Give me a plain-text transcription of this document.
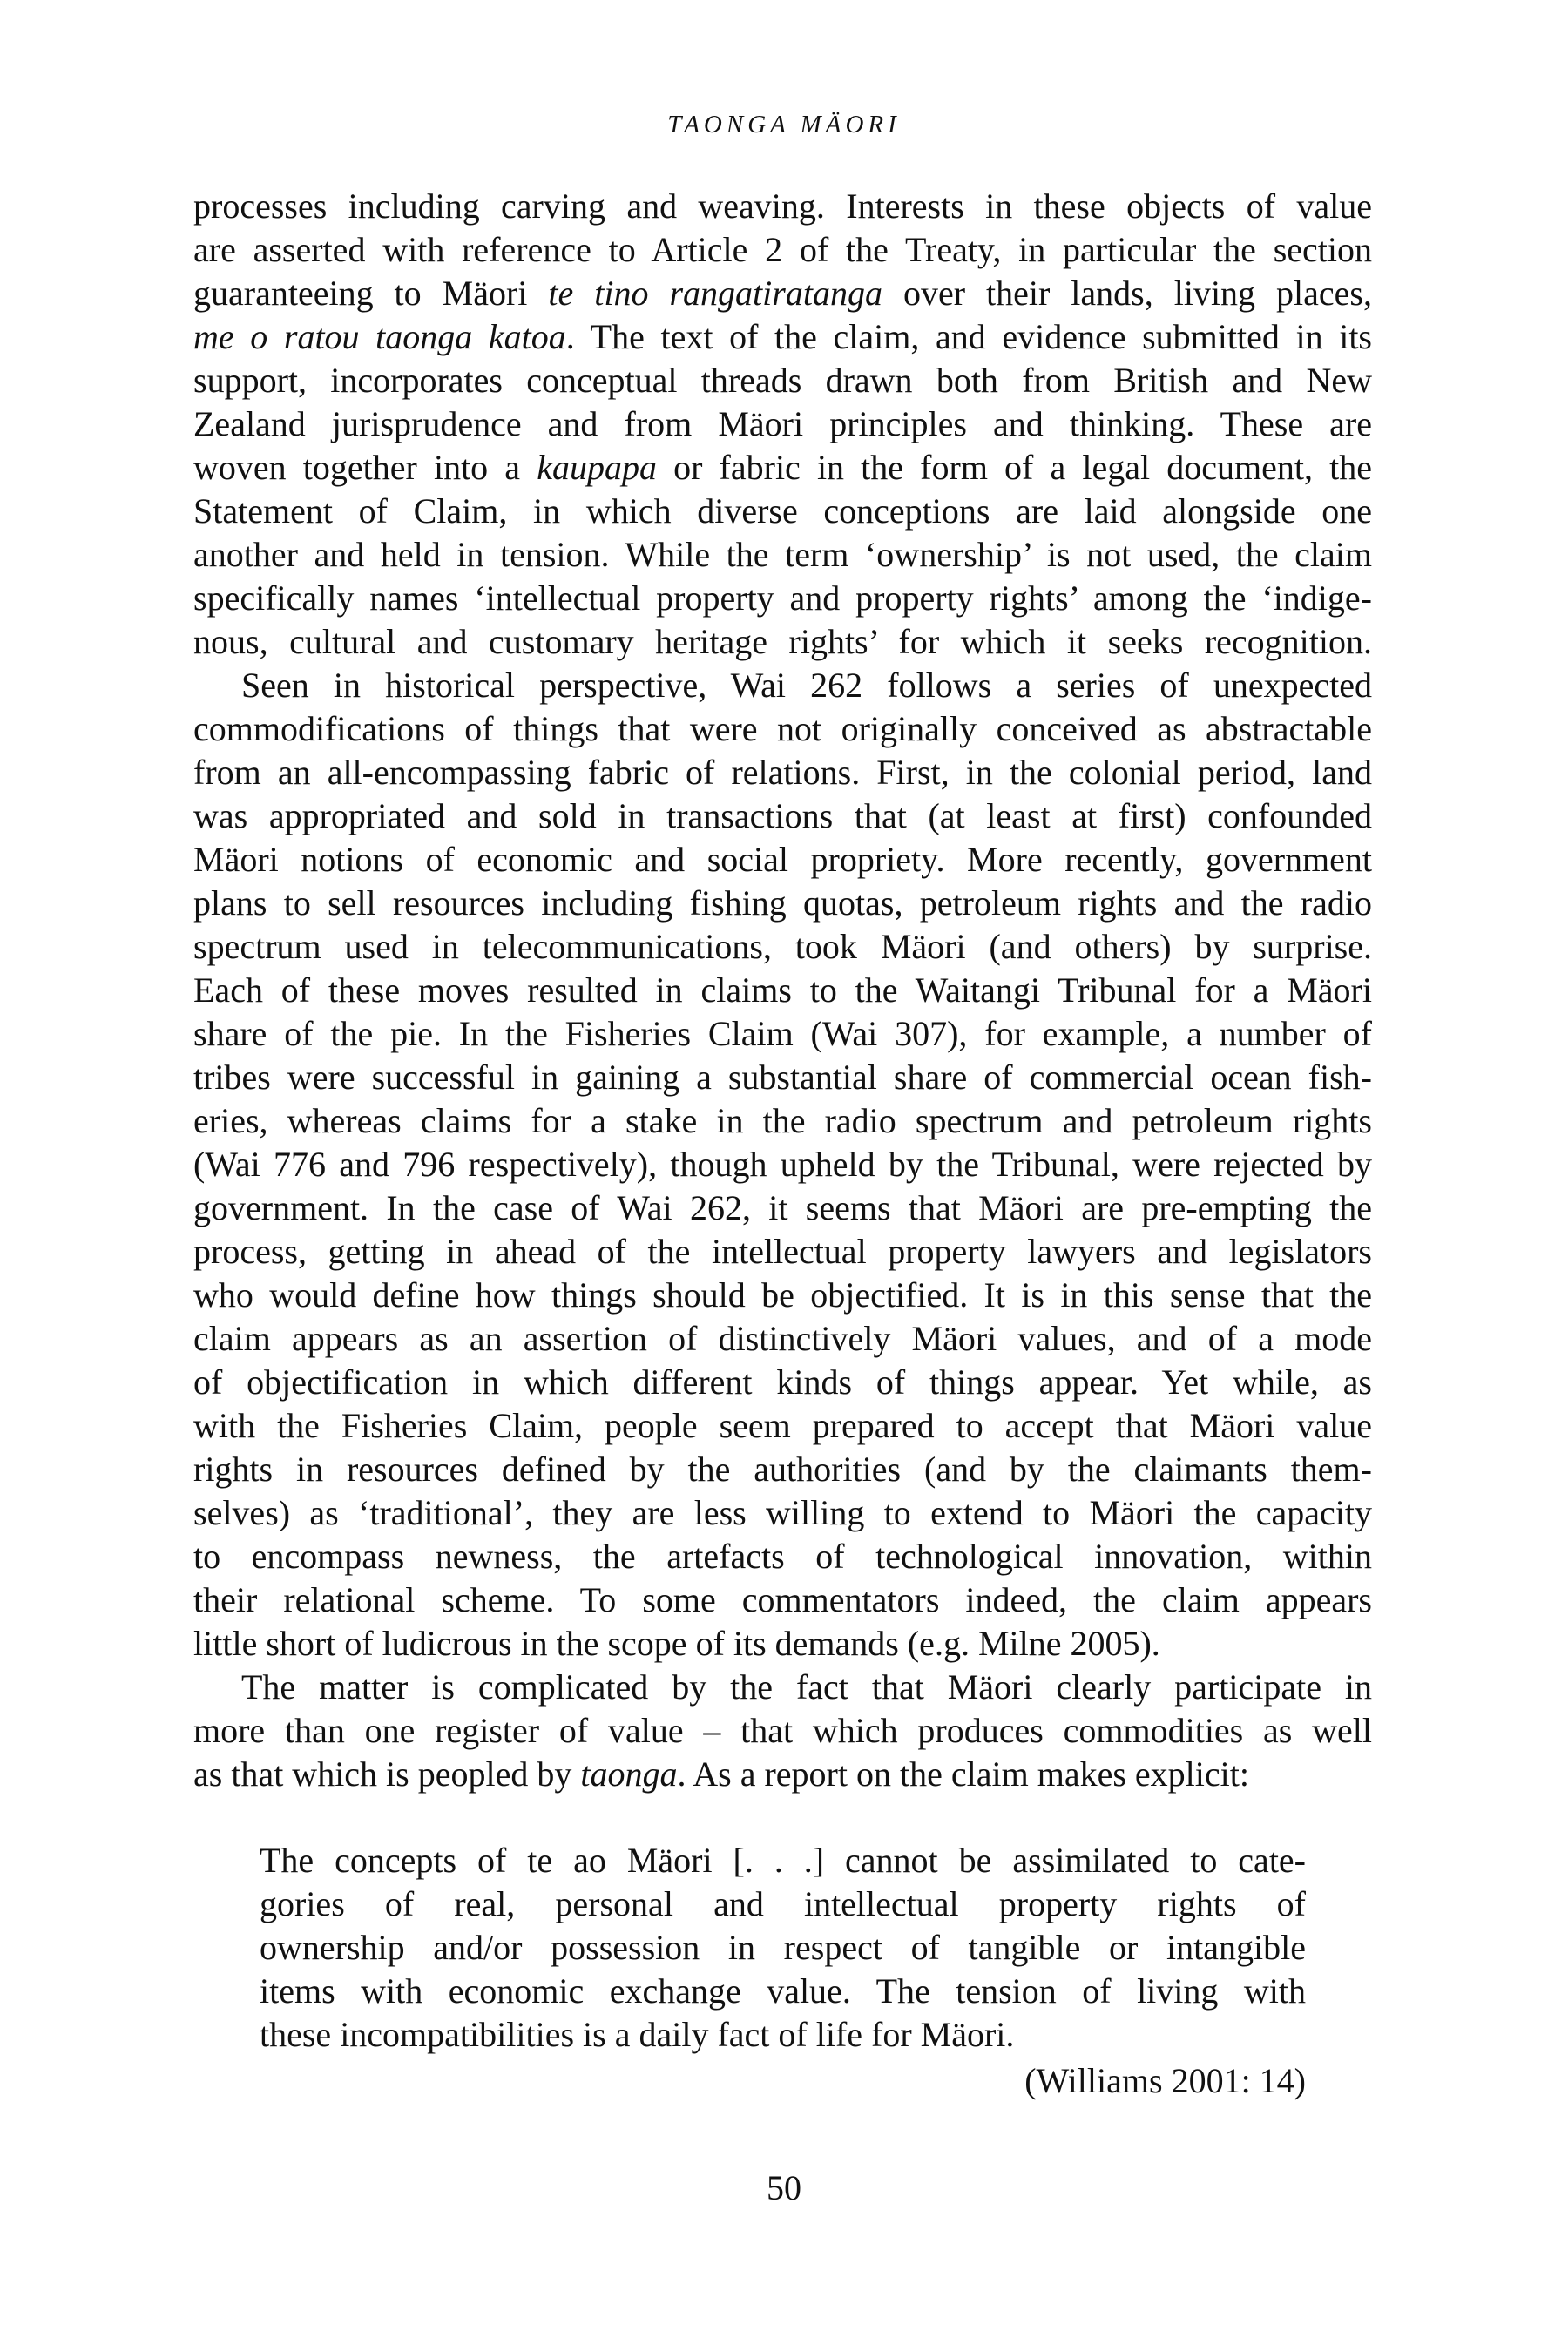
TAONGA MÄORI
processes including carving and weaving. Interests in these objects of value
are asserted with reference to Article 2 of the Treaty, in particular the section
guaranteeing to Mäori te tino rangatiratanga over their lands, living places,
me o ratou taonga katoa. The text of the claim, and evidence submitted in its
support, incorporates conceptual threads drawn both from British and New
Zealand jurisprudence and from Mäori principles and thinking. These are
woven together into a kaupapa or fabric in the form of a legal document, the
Statement of Claim, in which diverse conceptions are laid alongside one
another and held in tension. While the term ‘ownership’ is not used, the claim
specifically names ‘intellectual property and property rights’ among the ‘indige-
nous, cultural and customary heritage rights’ for which it seeks recognition.
Seen in historical perspective, Wai 262 follows a series of unexpected
commodifications of things that were not originally conceived as abstractable
from an all-encompassing fabric of relations. First, in the colonial period, land
was appropriated and sold in transactions that (at least at first) confounded
Mäori notions of economic and social propriety. More recently, government
plans to sell resources including fishing quotas, petroleum rights and the radio
spectrum used in telecommunications, took Mäori (and others) by surprise.
Each of these moves resulted in claims to the Waitangi Tribunal for a Mäori
share of the pie. In the Fisheries Claim (Wai 307), for example, a number of
tribes were successful in gaining a substantial share of commercial ocean fish-
eries, whereas claims for a stake in the radio spectrum and petroleum rights
(Wai 776 and 796 respectively), though upheld by the Tribunal, were rejected by
government. In the case of Wai 262, it seems that Mäori are pre-empting the
process, getting in ahead of the intellectual property lawyers and legislators
who would define how things should be objectified. It is in this sense that the
claim appears as an assertion of distinctively Mäori values, and of a mode
of objectification in which different kinds of things appear. Yet while, as
with the Fisheries Claim, people seem prepared to accept that Mäori value
rights in resources defined by the authorities (and by the claimants them-
selves) as ‘traditional’, they are less willing to extend to Mäori the capacity
to encompass newness, the artefacts of technological innovation, within
their relational scheme. To some commentators indeed, the claim appears
little short of ludicrous in the scope of its demands (e.g. Milne 2005).
The matter is complicated by the fact that Mäori clearly participate in
more than one register of value – that which produces commodities as well
as that which is peopled by taonga. As a report on the claim makes explicit:
The concepts of te ao Mäori [. . .] cannot be assimilated to cate-
gories of real, personal and intellectual property rights of
ownership and/or possession in respect of tangible or intangible
items with economic exchange value. The tension of living with
these incompatibilities is a daily fact of life for Mäori.
(Williams 2001: 14)
50
